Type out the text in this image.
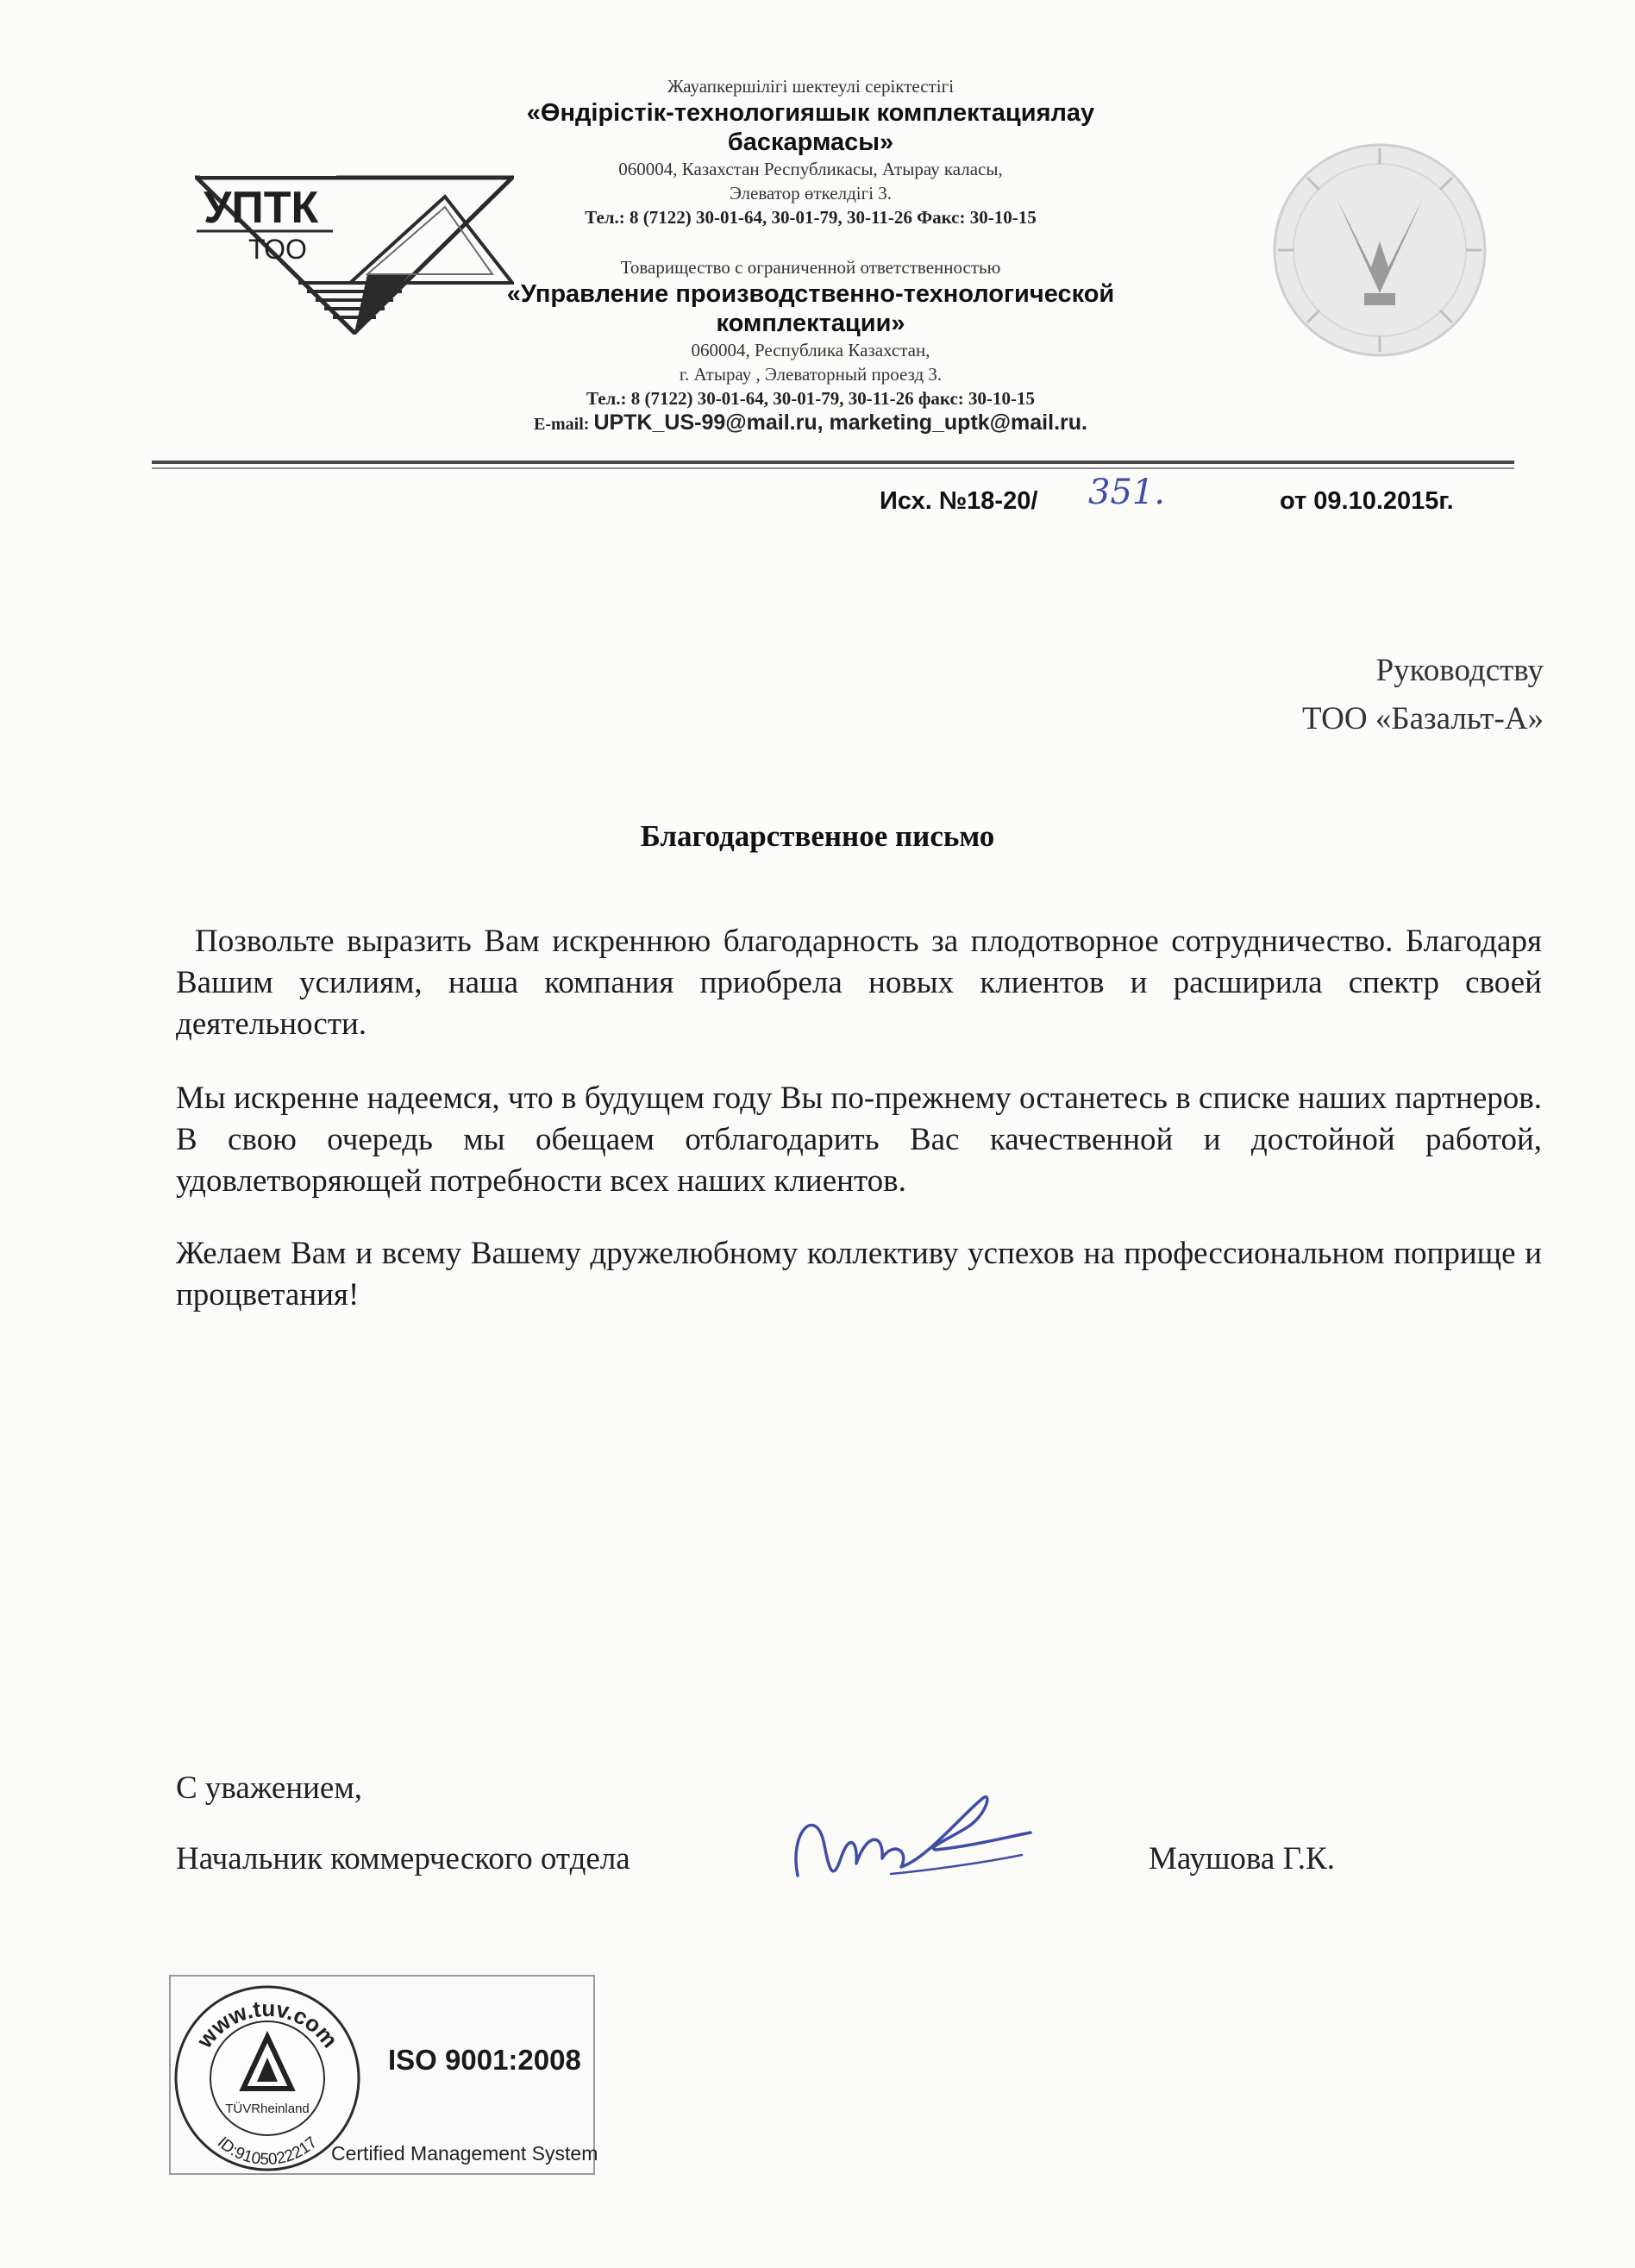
УПТК
ТОО
Жауапкершілігі шектеулі серіктестігі
«Өндірістік-технологияшык комплектациялау
баскармасы»
060004, Казахстан Республикасы, Атырау каласы,
Элеватор өткелдігі 3.
Тел.: 8 (7122) 30-01-64, 30-01-79, 30-11-26 Факс: 30-10-15
Товарищество с ограниченной ответственностью
«Управление производственно-технологической
комплектации»
060004, Республика Казахстан,
г. Атырау , Элеваторный проезд 3.
Тел.: 8 (7122) 30-01-64, 30-01-79, 30-11-26 факс: 30-10-15
E-mail: UPTK_US-99@mail.ru, marketing_uptk@mail.ru.
Исх. №18-20/ 351.	от 09.10.2015г.
Руководству
ТОО «Базальт-А»
Благодарственное письмо

Позвольте выразить Вам искреннюю благодарность за плодотворное сотрудничество. Благодаря Вашим усилиям, наша компания приобрела новых клиентов и расширила спектр своей деятельности.

Мы искренне надеемся, что в будущем году Вы по-прежнему останетесь в списке наших партнеров. В свою очередь мы обещаем отблагодарить Вас качественной и достойной работой, удовлетворяющей потребности всех наших клиентов.

Желаем Вам и всему Вашему дружелюбному коллективу успехов на профессиональном поприще и процветания!

С уважением,
Начальник коммерческого отдела	Маушова Г.К.
www.tuv.com
ID:9105022217
TÜVRheinland
ISO 9001:2008
Certified Management System
